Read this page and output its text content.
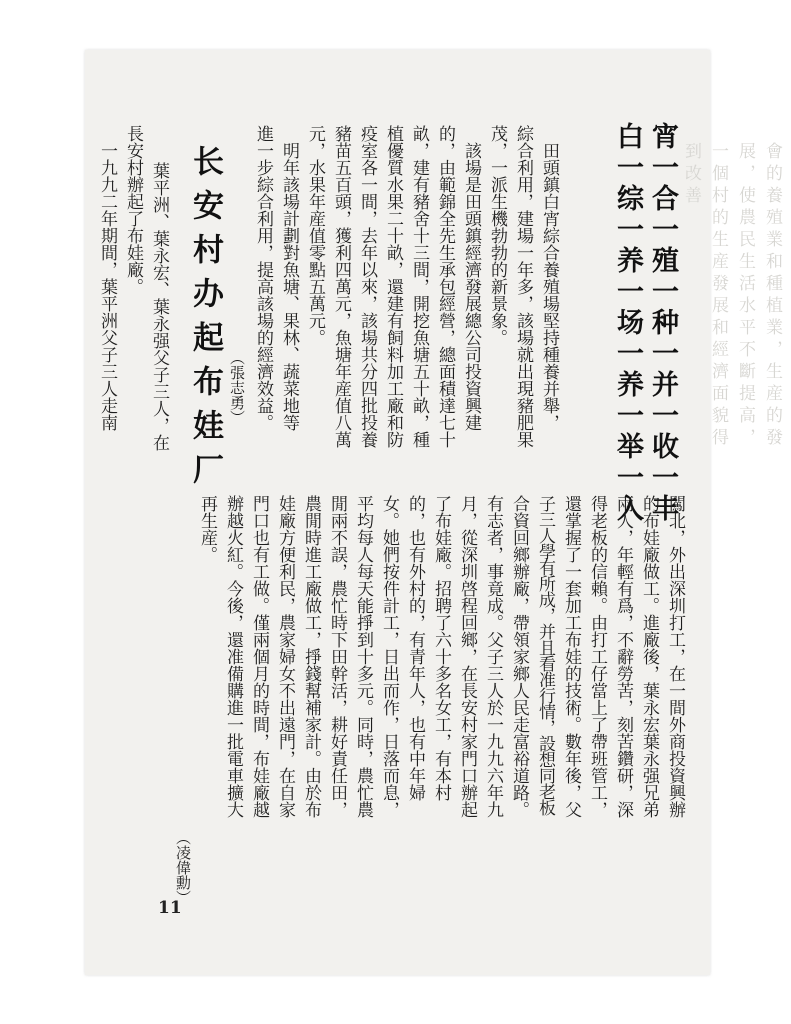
會的養殖業和種植業，生産的發展，使農民生活水平不斷提高，一個村的生産發展和經濟面貌得到改善
宵一合一殖一种一并一收一丰
白一综一养一场一养一举一入
　田頭鎮白宵綜合養殖場堅持種養并舉，
綜合利用，建場一年多，該場就出現豬肥果
茂，一派生機勃勃的新景象。
　該場是田頭鎮經濟發展總公司投資興建
的，由範錦全先生承包經營，總面積達七十
畝，建有豬舍十三間，開挖魚塘五十畝，種
植優質水果二十畝，還建有飼料加工廠和防
疫室各一間，去年以來，該場共分四批投養
豬苗五百頭，獲利四萬元，魚塘年産值八萬
元，水果年産值零點五萬元。
　明年該場計劃對魚塘、果林、蔬菜地等
進一步綜合利用，提高該場的經濟效益。
（張志勇）
长安村办起布娃厂
　葉平洲、葉永宏、葉永强父子三人，在
長安村辦起了布娃廠。
　一九九二年期間，葉平洲父子三人走南
闖北，外出深圳打工，在一間外商投資興辦
的布娃廠做工。進廠後，葉永宏葉永强兄弟
兩人，年輕有爲，不辭勞苦，刻苦鑽研，深
得老板的信賴。由打工仔當上了帶班管工，
還掌握了一套加工布娃的技術。數年後，父
子三人學有所成，并且看准行情，設想同老板
合資回鄉辦廠，帶領家鄉人民走富裕道路。
有志者，事竟成。父子三人於一九九六年九
月，從深圳啓程回鄉，在長安村家門口辦起
了布娃廠。招聘了六十多名女工，有本村
的，也有外村的，有青年人，也有中年婦
女。她們按件計工，日出而作，日落而息，
平均每人每天能掙到十多元。同時，農忙農
閒兩不誤，農忙時下田幹活，耕好責任田，
農閒時進工廠做工，掙錢幫補家計。由於布
娃廠方便利民，農家婦女不出遠門，在自家
門口也有工做。僅兩個月的時間，布娃廠越
辦越火紅。今後，還准備購進一批電車擴大
再生産。
（凌偉勳）
11
